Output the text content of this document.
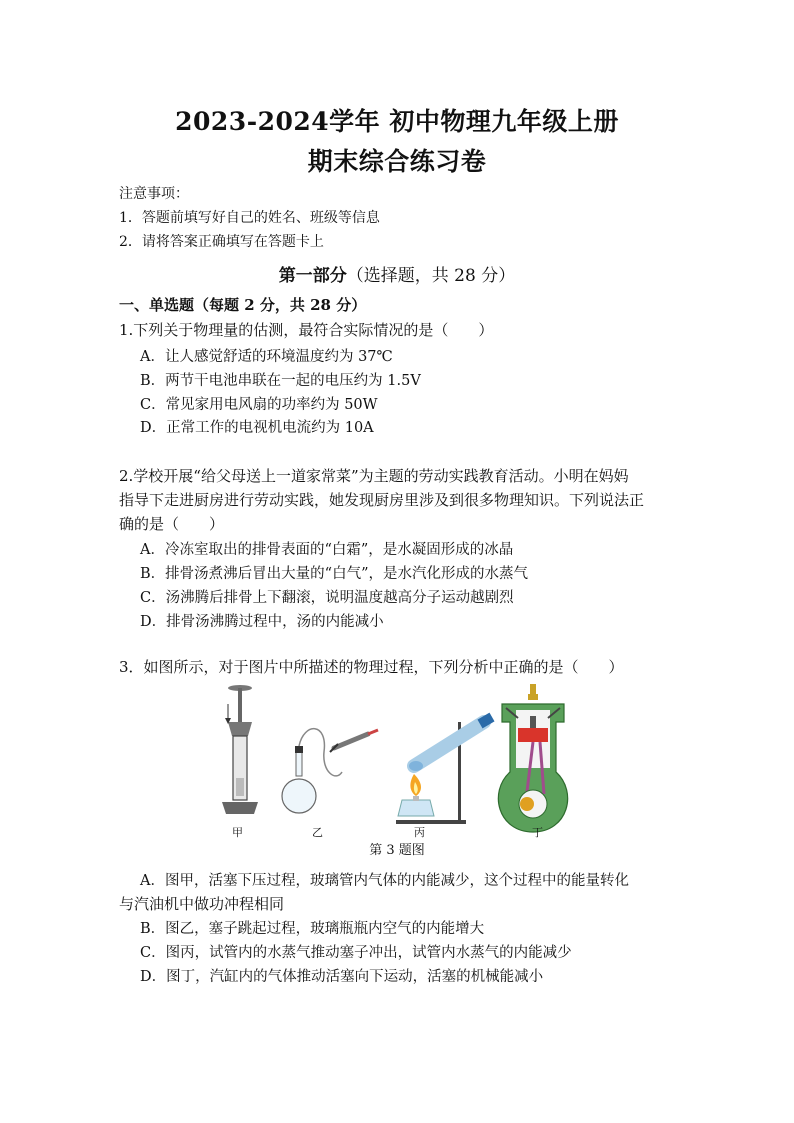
2023-2024学年 初中物理九年级上册
期末综合练习卷
注意事项：
1．答题前填写好自己的姓名、班级等信息
2．请将答案正确填写在答题卡上
第一部分（选择题，共 28 分）
一、单选题（每题 2 分，共 28 分）
1.下列关于物理量的估测，最符合实际情况的是（　　）
A．让人感觉舒适的环境温度约为 37℃
B．两节干电池串联在一起的电压约为 1.5V
C．常见家用电风扇的功率约为 50W
D．正常工作的电视机电流约为 10A
2.学校开展“给父母送上一道家常菜”为主题的劳动实践教育活动。小明在妈妈
指导下走进厨房进行劳动实践，她发现厨房里涉及到很多物理知识。下列说法正
确的是（　　）
A．冷冻室取出的排骨表面的“白霜”，是水凝固形成的冰晶
B．排骨汤煮沸后冒出大量的“白气”，是水汽化形成的水蒸气
C．汤沸腾后排骨上下翻滚，说明温度越高分子运动越剧烈
D．排骨汤沸腾过程中，汤的内能减小
3．如图所示，对于图片中所描述的物理过程，下列分析中正确的是（　　）
甲	乙	丙	丁
第 3 题图
A．图甲，活塞下压过程，玻璃管内气体的内能减少，这个过程中的能量转化
与汽油机中做功冲程相同
B．图乙，塞子跳起过程，玻璃瓶瓶内空气的内能增大
C．图丙，试管内的水蒸气推动塞子冲出，试管内水蒸气的内能减少
D．图丁，汽缸内的气体推动活塞向下运动，活塞的机械能减小
